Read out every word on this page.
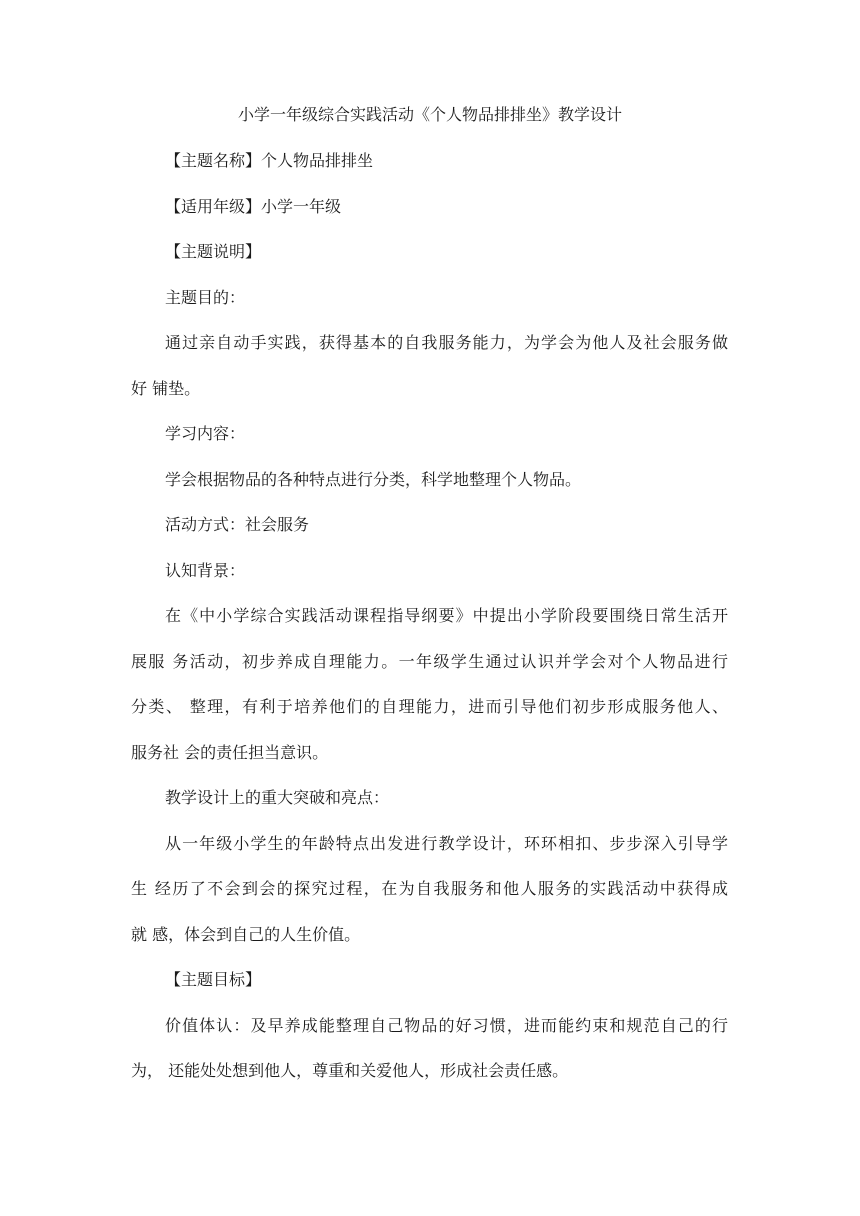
小学一年级综合实践活动《个人物品排排坐》教学设计
【主题名称】个人物品排排坐
【适用年级】小学一年级
【主题说明】
主题目的：
通过亲自动手实践，获得基本的自我服务能力，为学会为他人及社会服务做
好 铺垫。
学习内容：
学会根据物品的各种特点进行分类，科学地整理个人物品。
活动方式：社会服务
认知背景：
在《中小学综合实践活动课程指导纲要》中提出小学阶段要围绕日常生活开
展服 务活动，初步养成自理能力。一年级学生通过认识并学会对个人物品进行
分类、 整理，有利于培养他们的自理能力，进而引导他们初步形成服务他人、
服务社 会的责任担当意识。
教学设计上的重大突破和亮点：
从一年级小学生的年龄特点出发进行教学设计，环环相扣、步步深入引导学
生 经历了不会到会的探究过程，在为自我服务和他人服务的实践活动中获得成
就 感，体会到自己的人生价值。
【主题目标】
价值体认：及早养成能整理自己物品的好习惯，进而能约束和规范自己的行
为， 还能处处想到他人，尊重和关爱他人，形成社会责任感。
